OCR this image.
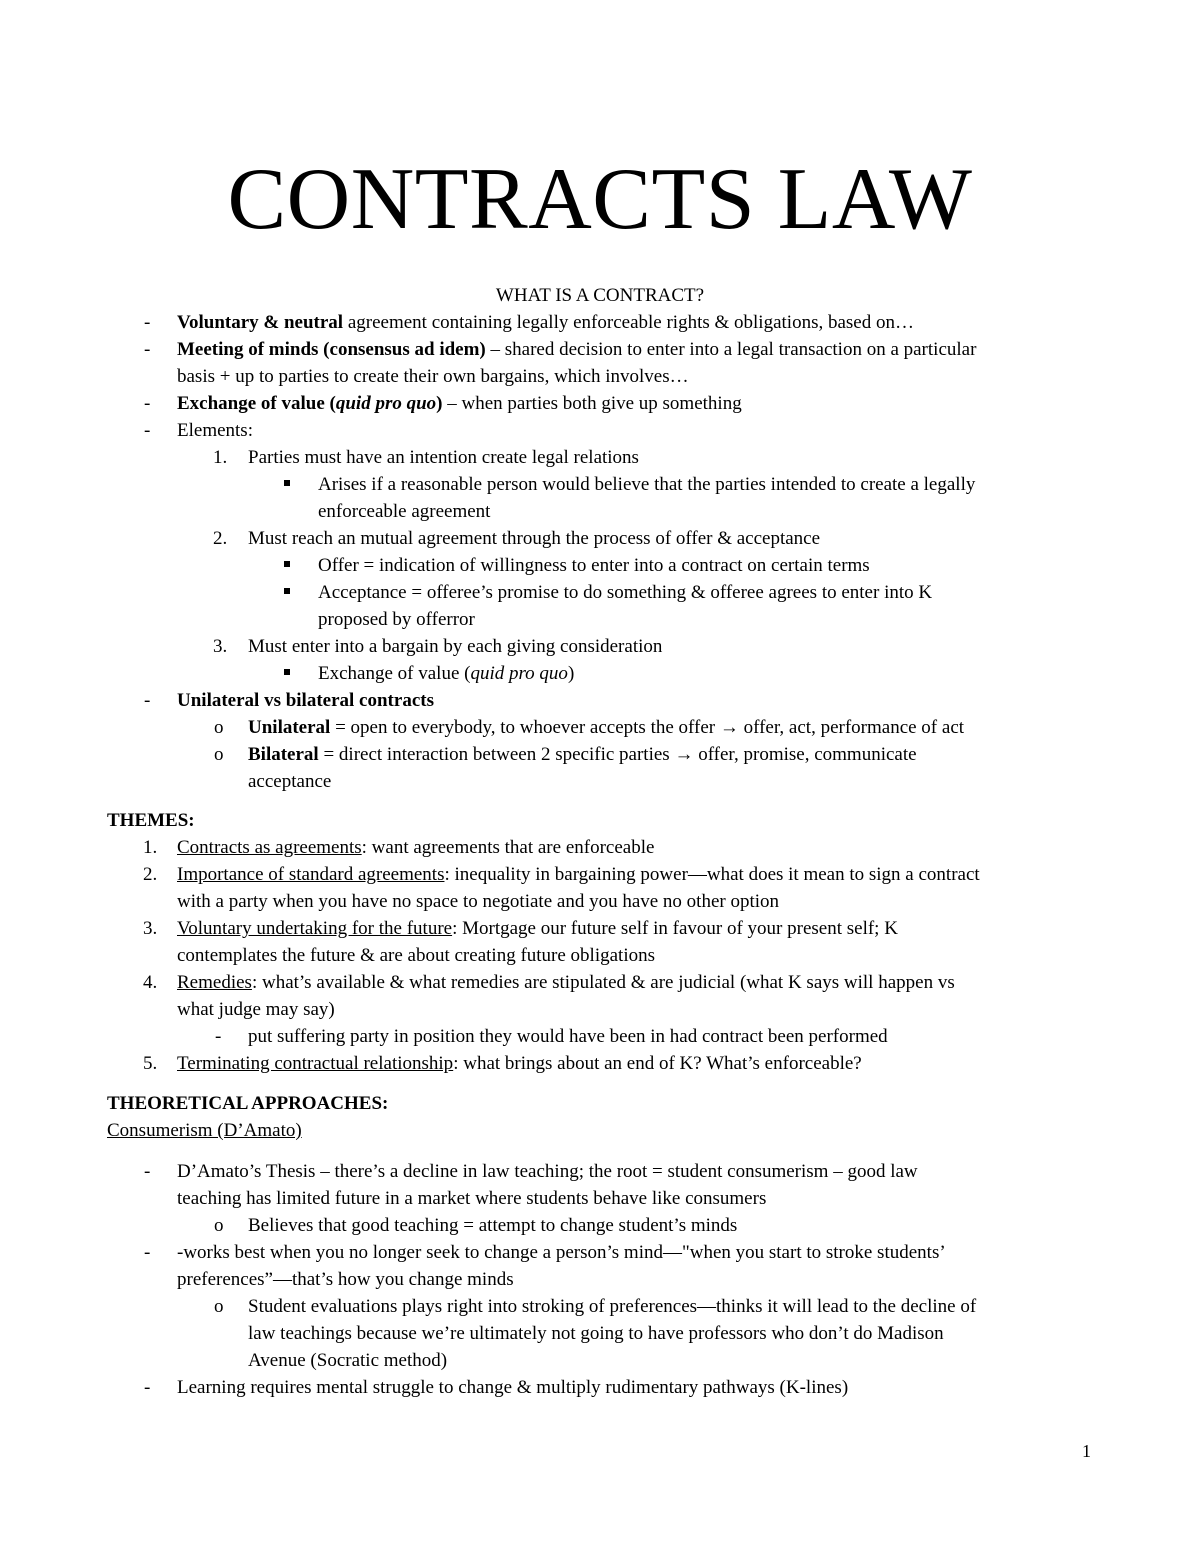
CONTRACTS LAW
WHAT IS A CONTRACT?
- Voluntary & neutral agreement containing legally enforceable rights & obligations, based on…
- Meeting of minds (consensus ad idem) – shared decision to enter into a legal transaction on a particular
basis + up to parties to create their own bargains, which involves…
- Exchange of value (quid pro quo) – when parties both give up something
- Elements:
1. Parties must have an intention create legal relations
Arises if a reasonable person would believe that the parties intended to create a legally
enforceable agreement
2. Must reach an mutual agreement through the process of offer & acceptance
Offer = indication of willingness to enter into a contract on certain terms
Acceptance = offeree’s promise to do something & offeree agrees to enter into K
proposed by offerror
3. Must enter into a bargain by each giving consideration
Exchange of value (quid pro quo)
- Unilateral vs bilateral contracts
o Unilateral = open to everybody, to whoever accepts the offer → offer, act, performance of act
o Bilateral = direct interaction between 2 specific parties → offer, promise, communicate
acceptance
THEMES:
1. Contracts as agreements: want agreements that are enforceable
2. Importance of standard agreements: inequality in bargaining power—what does it mean to sign a contract
with a party when you have no space to negotiate and you have no other option
3. Voluntary undertaking for the future: Mortgage our future self in favour of your present self; K
contemplates the future & are about creating future obligations
4. Remedies: what’s available & what remedies are stipulated & are judicial (what K says will happen vs
what judge may say)
- put suffering party in position they would have been in had contract been performed
5. Terminating contractual relationship: what brings about an end of K? What’s enforceable?
THEORETICAL APPROACHES:
Consumerism (D’Amato)
- D’Amato’s Thesis – there’s a decline in law teaching; the root = student consumerism – good law
teaching has limited future in a market where students behave like consumers
o Believes that good teaching = attempt to change student’s minds
- -works best when you no longer seek to change a person’s mind—"when you start to stroke students’
preferences”—that’s how you change minds
o Student evaluations plays right into stroking of preferences—thinks it will lead to the decline of
law teachings because we’re ultimately not going to have professors who don’t do Madison
Avenue (Socratic method)
- Learning requires mental struggle to change & multiply rudimentary pathways (K-lines)
1
